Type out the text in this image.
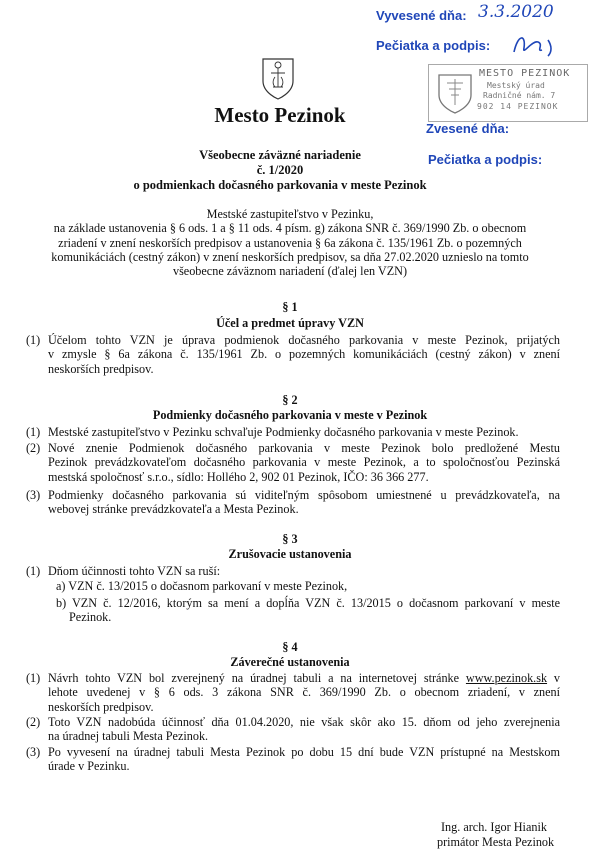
Vyvesené dňa: 3.3.2020
Pečiatka a podpis:
MESTO PEZINOK
Mestský úrad
Radničné nám. 7
902 14 PEZINOK
Zvesené dňa:
Pečiatka a podpis:
Mesto Pezinok
Všeobecne záväzné nariadenie
č. 1/2020
o podmienkach dočasného parkovania v meste Pezinok
Mestské zastupiteľstvo v Pezinku,
na základe ustanovenia § 6 ods. 1 a § 11 ods. 4 písm. g) zákona SNR č. 369/1990 Zb. o obecnom
zriadení v znení neskorších predpisov a ustanovenia § 6a zákona č. 135/1961 Zb. o pozemných
komunikáciách (cestný zákon) v znení neskorších predpisov, sa dňa 27.02.2020 uznieslo na tomto
všeobecne záväznom nariadení (ďalej len VZN)
§ 1
Účel a predmet úpravy VZN
(1) Účelom tohto VZN je úprava podmienok dočasného parkovania v meste Pezinok, prijatých
v zmysle § 6a zákona č. 135/1961 Zb. o pozemných komunikáciách (cestný zákon) v znení
neskorších predpisov.
§ 2
Podmienky dočasného parkovania v meste v Pezinok
(1) Mestské zastupiteľstvo v Pezinku schvaľuje Podmienky dočasného parkovania v meste Pezinok.
(2) Nové znenie Podmienok dočasného parkovania v meste Pezinok bolo predložené Mestu
Pezinok prevádzkovateľom dočasného parkovania v meste Pezinok, a to spoločnosťou Pezinská
mestská spoločnosť s.r.o., sídlo: Hollého 2, 902 01 Pezinok, IČO: 36 366 277.
(3) Podmienky dočasného parkovania sú viditeľným spôsobom umiestnené u prevádzkovateľa, na
webovej stránke prevádzkovateľa a Mesta Pezinok.
§ 3
Zrušovacie ustanovenia
(1) Dňom účinnosti tohto VZN sa ruší:
a) VZN č. 13/2015 o dočasnom parkovaní v meste Pezinok,
b) VZN č. 12/2016, ktorým sa mení a dopĺňa VZN č. 13/2015 o dočasnom parkovaní v meste
Pezinok.
§ 4
Záverečné ustanovenia
(1) Návrh tohto VZN bol zverejnený na úradnej tabuli a na internetovej stránke www.pezinok.sk v
lehote uvedenej v § 6 ods. 3 zákona SNR č. 369/1990 Zb. o obecnom zriadení, v znení
neskorších predpisov.
(2) Toto VZN nadobúda účinnosť dňa 01.04.2020, nie však skôr ako 15. dňom od jeho zverejnenia
na úradnej tabuli Mesta Pezinok.
(3) Po vyvesení na úradnej tabuli Mesta Pezinok po dobu 15 dní bude VZN prístupné na Mestskom
úrade v Pezinku.
Ing. arch. Igor Hianik
primátor Mesta Pezinok
